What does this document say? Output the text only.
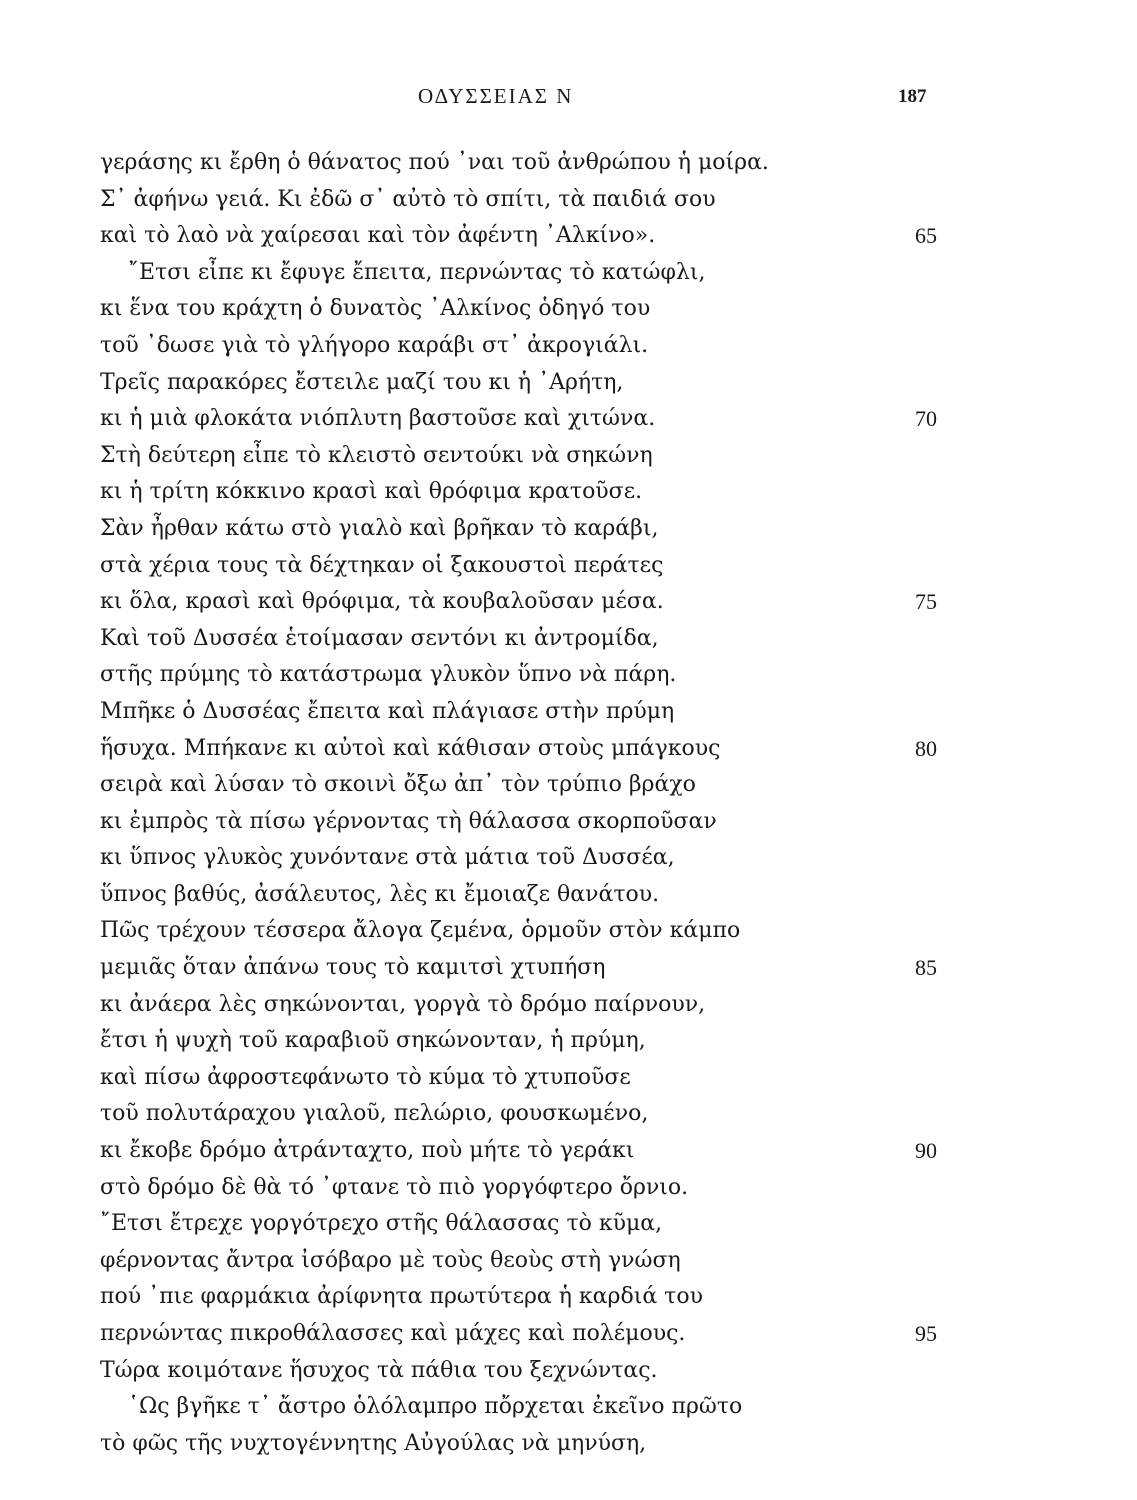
ΟΔΥΣΣΕΙΑΣ Ν	187
γεράσης κι ἔρθη ὁ θάνατος πού ᾿ναι τοῦ ἀνθρώπου ἡ μοίρα.
Σ᾿ ἀφήνω γειά. Κι ἐδῶ σ᾿ αὐτὸ τὸ σπίτι, τὰ παιδιά σου
καὶ τὸ λαὸ νὰ χαίρεσαι καὶ τὸν ἀφέντη ᾿Αλκίνο».	65
῎Ετσι εἶπε κι ἔφυγε ἔπειτα, περνώντας τὸ κατώφλι,
κι ἕνα του κράχτη ὁ δυνατὸς ᾿Αλκίνος ὁδηγό του
τοῦ ᾿δωσε γιὰ τὸ γλήγορο καράβι στ᾿ ἀκρογιάλι.
Τρεῖς παρακόρες ἔστειλε μαζί του κι ἡ ᾿Αρήτη,
κι ἡ μιὰ φλοκάτα νιόπλυτη βαστοῦσε καὶ χιτώνα.	70
Στὴ δεύτερη εἶπε τὸ κλειστὸ σεντούκι νὰ σηκώνη
κι ἡ τρίτη κόκκινο κρασὶ καὶ θρόφιμα κρατοῦσε.
Σὰν ἦρθαν κάτω στὸ γιαλὸ καὶ βρῆκαν τὸ καράβι,
στὰ χέρια τους τὰ δέχτηκαν οἱ ξακουστοὶ περάτες
κι ὅλα, κρασὶ καὶ θρόφιμα, τὰ κουβαλοῦσαν μέσα.	75
Καὶ τοῦ Δυσσέα ἑτοίμασαν σεντόνι κι ἀντρομίδα,
στῆς πρύμης τὸ κατάστρωμα γλυκὸν ὕπνο νὰ πάρη.
Μπῆκε ὁ Δυσσέας ἔπειτα καὶ πλάγιασε στὴν πρύμη
ἥσυχα. Μπήκανε κι αὐτοὶ καὶ κάθισαν στοὺς μπάγκους	80
σειρὰ καὶ λύσαν τὸ σκοινὶ ὄξω ἀπ᾿ τὸν τρύπιο βράχο
κι ἐμπρὸς τὰ πίσω γέρνοντας τὴ θάλασσα σκορποῦσαν
κι ὕπνος γλυκὸς χυνόντανε στὰ μάτια τοῦ Δυσσέα,
ὕπνος βαθύς, ἀσάλευτος, λὲς κι ἔμοιαζε θανάτου.
Πῶς τρέχουν τέσσερα ἄλογα ζεμένα, ὁρμοῦν στὸν κάμπο
μεμιᾶς ὅταν ἀπάνω τους τὸ καμιτσὶ χτυπήση	85
κι ἀνάερα λὲς σηκώνονται, γοργὰ τὸ δρόμο παίρνουν,
ἔτσι ἡ ψυχὴ τοῦ καραβιοῦ σηκώνονταν, ἡ πρύμη,
καὶ πίσω ἀφροστεφάνωτο τὸ κύμα τὸ χτυποῦσε
τοῦ πολυτάραχου γιαλοῦ, πελώριο, φουσκωμένο,
κι ἔκοβε δρόμο ἀτράνταχτο, ποὺ μήτε τὸ γεράκι	90
στὸ δρόμο δὲ θὰ τό ᾿φτανε τὸ πιὸ γοργόφτερο ὄρνιο.
῎Ετσι ἔτρεχε γοργότρεχο στῆς θάλασσας τὸ κῦμα,
φέρνοντας ἄντρα ἰσόβαρο μὲ τοὺς θεοὺς στὴ γνώση
πού ᾿πιε φαρμάκια ἀρίφνητα πρωτύτερα ἡ καρδιά του
περνώντας πικροθάλασσες καὶ μάχες καὶ πολέμους.	95
Τώρα κοιμότανε ἥσυχος τὰ πάθια του ξεχνώντας.
῾Ως βγῆκε τ᾿ ἄστρο ὁλόλαμπρο πὄρχεται ἐκεῖνο πρῶτο
τὸ φῶς τῆς νυχτογέννητης Αὐγούλας νὰ μηνύση,
